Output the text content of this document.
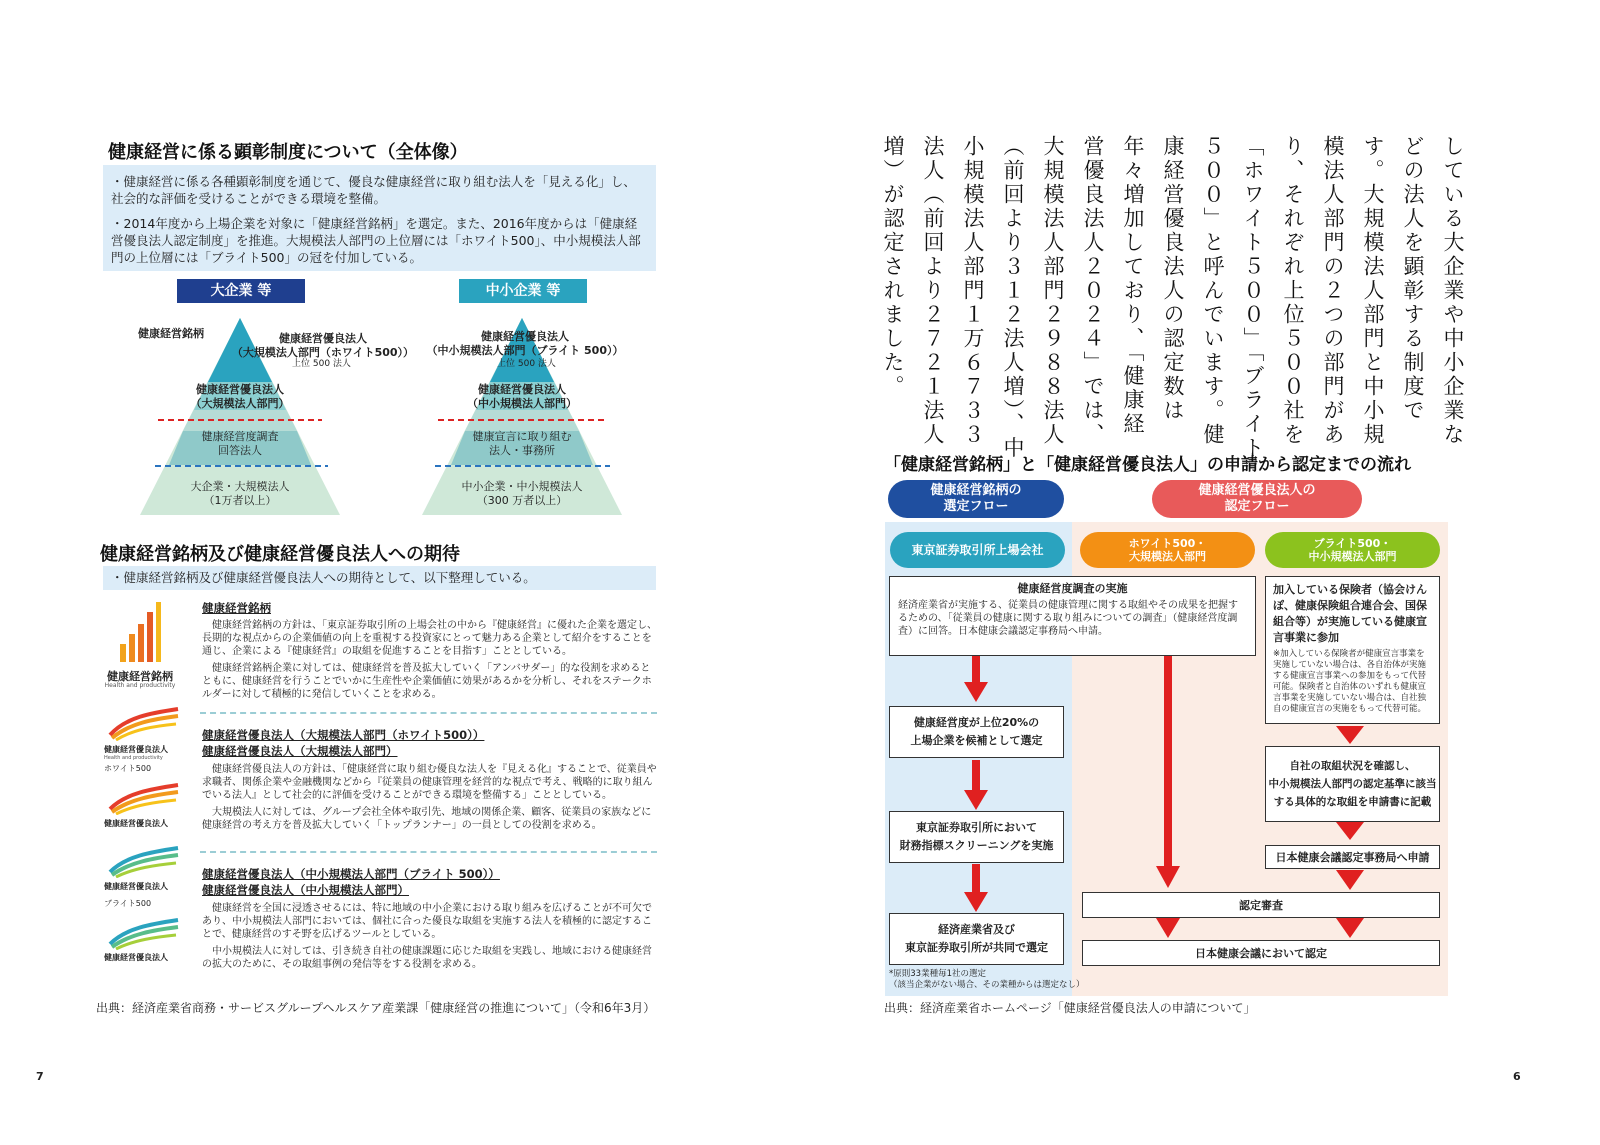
健康経営に係る顕彰制度について（全体像）
・健康経営に係る各種顕彰制度を通じて、優良な健康経営に取り組む法人を「見える化」し、社会的な評価を受けることができる環境を整備。
・2014年度から上場企業を対象に「健康経営銘柄」を選定。また、2016年度からは「健康経営優良法人認定制度」を推進。大規模法人部門の上位層には「ホワイト500」、中小規模法人部門の上位層には「ブライト500」の冠を付加している。
大企業 等	中小企業 等
健康経営銘柄	健康経営優良法人
（大規模法人部門（ホワイト500））
上位 500 法人
健康経営優良法人
（大規模法人部門）
健康経営度調査
回答法人
大企業・大規模法人
（1万者以上）
健康経営優良法人
（中小規模法人部門（ブライト 500））
上位 500 法人
健康経営優良法人
（中小規模法人部門）
健康宣言に取り組む
法人・事務所
中小企業・中小規模法人
（300 万者以上）
健康経営銘柄及び健康経営優良法人への期待
・健康経営銘柄及び健康経営優良法人への期待として、以下整理している。
健康経営銘柄
Health and productivity
健康経営優良法人
Health and productivity
ホワイト500
健康経営優良法人
健康経営優良法人
ブライト500
健康経営優良法人
健康経営銘柄
健康経営銘柄の方針は、「東京証券取引所の上場会社の中から『健康経営』に優れた企業を選定し、長期的な視点からの企業価値の向上を重視する投資家にとって魅力ある企業として紹介をすることを通じ、企業による『健康経営』の取組を促進することを目指す」こととしている。
健康経営銘柄企業に対しては、健康経営を普及拡大していく「アンバサダー」的な役割を求めるとともに、健康経営を行うことでいかに生産性や企業価値に効果があるかを分析し、それをステークホルダーに対して積極的に発信していくことを求める。
健康経営優良法人（大規模法人部門（ホワイト500））
健康経営優良法人（大規模法人部門）
健康経営優良法人の方針は、「健康経営に取り組む優良な法人を『見える化』することで、従業員や求職者、関係企業や金融機関などから『従業員の健康管理を経営的な視点で考え、戦略的に取り組んでいる法人』として社会的に評価を受けることができる環境を整備する」こととしている。
大規模法人に対しては、グループ会社全体や取引先、地域の関係企業、顧客、従業員の家族などに健康経営の考え方を普及拡大していく「トップランナー」の一員としての役割を求める。
健康経営優良法人（中小規模法人部門（ブライト 500））
健康経営優良法人（中小規模法人部門）
健康経営を全国に浸透させるには、特に地域の中小企業における取り組みを広げることが不可欠であり、中小規模法人部門においては、個社に合った優良な取組を実施する法人を積極的に認定することで、健康経営のすそ野を広げるツールとしている。
中小規模法人に対しては、引き続き自社の健康課題に応じた取組を実践し、地域における健康経営の拡大のために、その取組事例の発信等をする役割を求める。
出典：経済産業省商務・サービスグループヘルスケア産業課「健康経営の推進について」（令和6年3月）
7
している大企業や中小企業な
どの法人を顕彰する制度で
す。大規模法人部門と中小規
模法人部門の２つの部門があ
り、それぞれ上位５００社を
「ホワイト５００」「ブライト
５００」と呼んでいます。健
康経営優良法人の認定数は
年々増加しており、「健康経
営優良法人２０２４」では、
大規模法人部門２９８８法人
（前回より３１２法人増）、中
小規模法人部門１万６７３３
法人（前回より２７２１法人
増）が認定されました。
「健康経営銘柄」と「健康経営優良法人」の申請から認定までの流れ
健康経営銘柄の
選定フロー
健康経営優良法人の
認定フロー
東京証券取引所上場会社	ホワイト500・
大規模法人部門
ブライト500・
中小規模法人部門
健康経営度調査の実施
経済産業省が実施する、従業員の健康管理に関する取組やその成果を把握するための、「従業員の健康に関する取り組みについての調査」（健康経営度調査）に回答。日本健康会議認定事務局へ申請。
加入している保険者（協会けんぽ、健康保険組合連合会、国保組合等）が実施している健康宣言事業に参加
※加入している保険者が健康宣言事業を実施していない場合は、各自治体が実施する健康宣言事業への参加をもって代替可能。保険者と自治体のいずれも健康宣言事業を実施していない場合は、自社独自の健康宣言の実施をもって代替可能。
健康経営度が上位20%の
上場企業を候補として選定
自社の取組状況を確認し、
中小規模法人部門の認定基準に該当
する具体的な取組を申請書に記載
東京証券取引所において
財務指標スクリーニングを実施
日本健康会議認定事務局へ申請
認定審査
経済産業省及び
東京証券取引所が共同で選定	日本健康会議において認定
*原則33業種毎1社の選定
（該当企業がない場合、その業種からは選定なし）
出典：経済産業省ホームページ「健康経営優良法人の申請について」
6
